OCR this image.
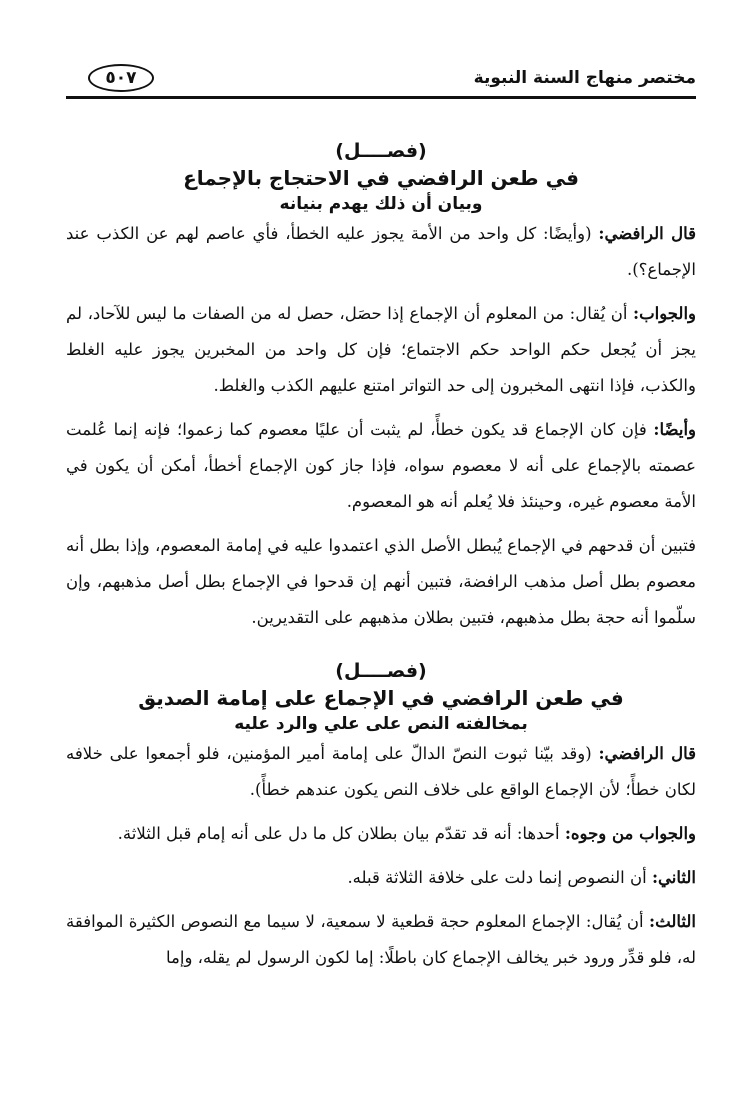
مختصر منهاج السنة النبوية
٥٠٧
(فصــــل)
في طعن الرافضي في الاحتجاج بالإجماع
وبيان أن ذلك يهدم بنيانه

قال الرافضي: (وأيضًا: كل واحد من الأمة يجوز عليه الخطأ، فأي عاصم لهم عن الكذب عند الإجماع؟).

والجواب: أن يُقال: من المعلوم أن الإجماع إذا حصَل، حصل له من الصفات ما ليس للآحاد، لم يجز أن يُجعل حكم الواحد حكم الاجتماع؛ فإن كل واحد من المخبرين يجوز عليه الغلط والكذب، فإذا انتهى المخبرون إلى حد التواتر امتنع عليهم الكذب والغلط.

وأيضًا: فإن كان الإجماع قد يكون خطأً، لم يثبت أن عليًا معصوم كما زعموا؛ فإنه إنما عُلمت عصمته بالإجماع على أنه لا معصوم سواه، فإذا جاز كون الإجماع أخطأ، أمكن أن يكون في الأمة معصوم غيره، وحينئذ فلا يُعلم أنه هو المعصوم.

فتبين أن قدحهم في الإجماع يُبطل الأصل الذي اعتمدوا عليه في إمامة المعصوم، وإذا بطل أنه معصوم بطل أصل مذهب الرافضة، فتبين أنهم إن قدحوا في الإجماع بطل أصل مذهبهم، وإن سلّموا أنه حجة بطل مذهبهم، فتبين بطلان مذهبهم على التقديرين.

(فصــــل)
في طعن الرافضي في الإجماع على إمامة الصديق
بمخالفته النص على علي والرد عليه

قال الرافضي: (وقد بيّنا ثبوت النصّ الدالّ على إمامة أمير المؤمنين، فلو أجمعوا على خلافه لكان خطأً؛ لأن الإجماع الواقع على خلاف النص يكون عندهم خطأً).

والجواب من وجوه: أحدها: أنه قد تقدّم بيان بطلان كل ما دل على أنه إمام قبل الثلاثة.

الثاني: أن النصوص إنما دلت على خلافة الثلاثة قبله.

الثالث: أن يُقال: الإجماع المعلوم حجة قطعية لا سمعية، لا سيما مع النصوص الكثيرة الموافقة له، فلو قدِّر ورود خبر يخالف الإجماع كان باطلًا: إما لكون الرسول لم يقله، وإما
